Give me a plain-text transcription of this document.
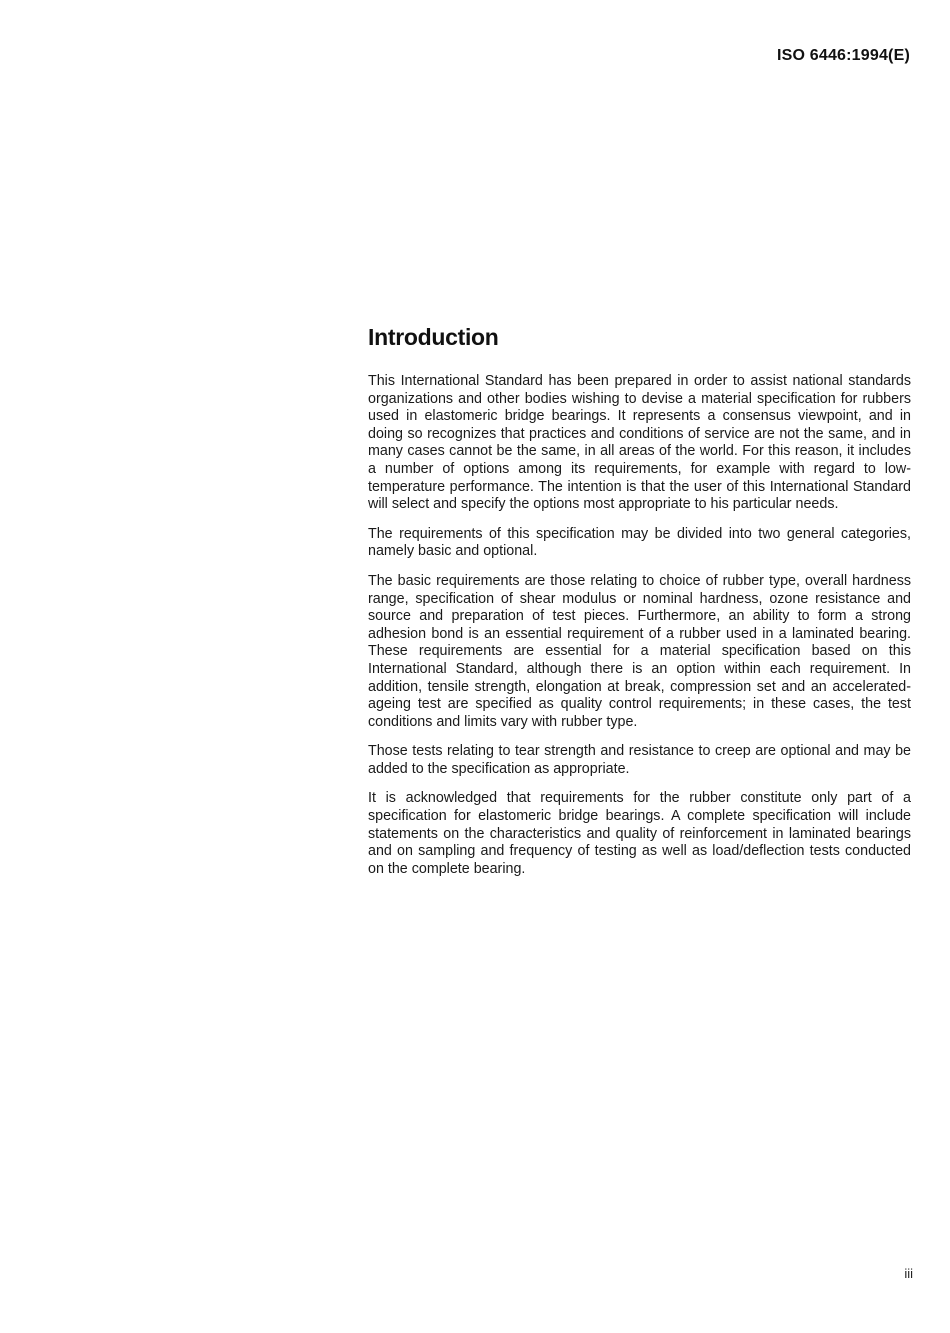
ISO 6446:1994(E)
Introduction

This International Standard has been prepared in order to assist national standards organizations and other bodies wishing to devise a material specification for rubbers used in elastomeric bridge bearings. It represents a consensus viewpoint, and in doing so recognizes that practices and conditions of service are not the same, and in many cases cannot be the same, in all areas of the world. For this reason, it includes a number of options among its requirements, for example with regard to low-temperature performance. The intention is that the user of this International Standard will select and specify the options most appropriate to his particular needs.

The requirements of this specification may be divided into two general categories, namely basic and optional.

The basic requirements are those relating to choice of rubber type, overall hardness range, specification of shear modulus or nominal hardness, ozone resistance and source and preparation of test pieces. Furthermore, an ability to form a strong adhesion bond is an essential requirement of a rubber used in a laminated bearing. These requirements are essential for a material specification based on this International Standard, although there is an option within each requirement. In addition, tensile strength, elongation at break, compression set and an accelerated-ageing test are specified as quality control requirements; in these cases, the test conditions and limits vary with rubber type.

Those tests relating to tear strength and resistance to creep are optional and may be added to the specification as appropriate.

It is acknowledged that requirements for the rubber constitute only part of a specification for elastomeric bridge bearings. A complete specification will include statements on the characteristics and quality of reinforcement in laminated bearings and on sampling and frequency of testing as well as load/deflection tests conducted on the complete bearing.

iii
